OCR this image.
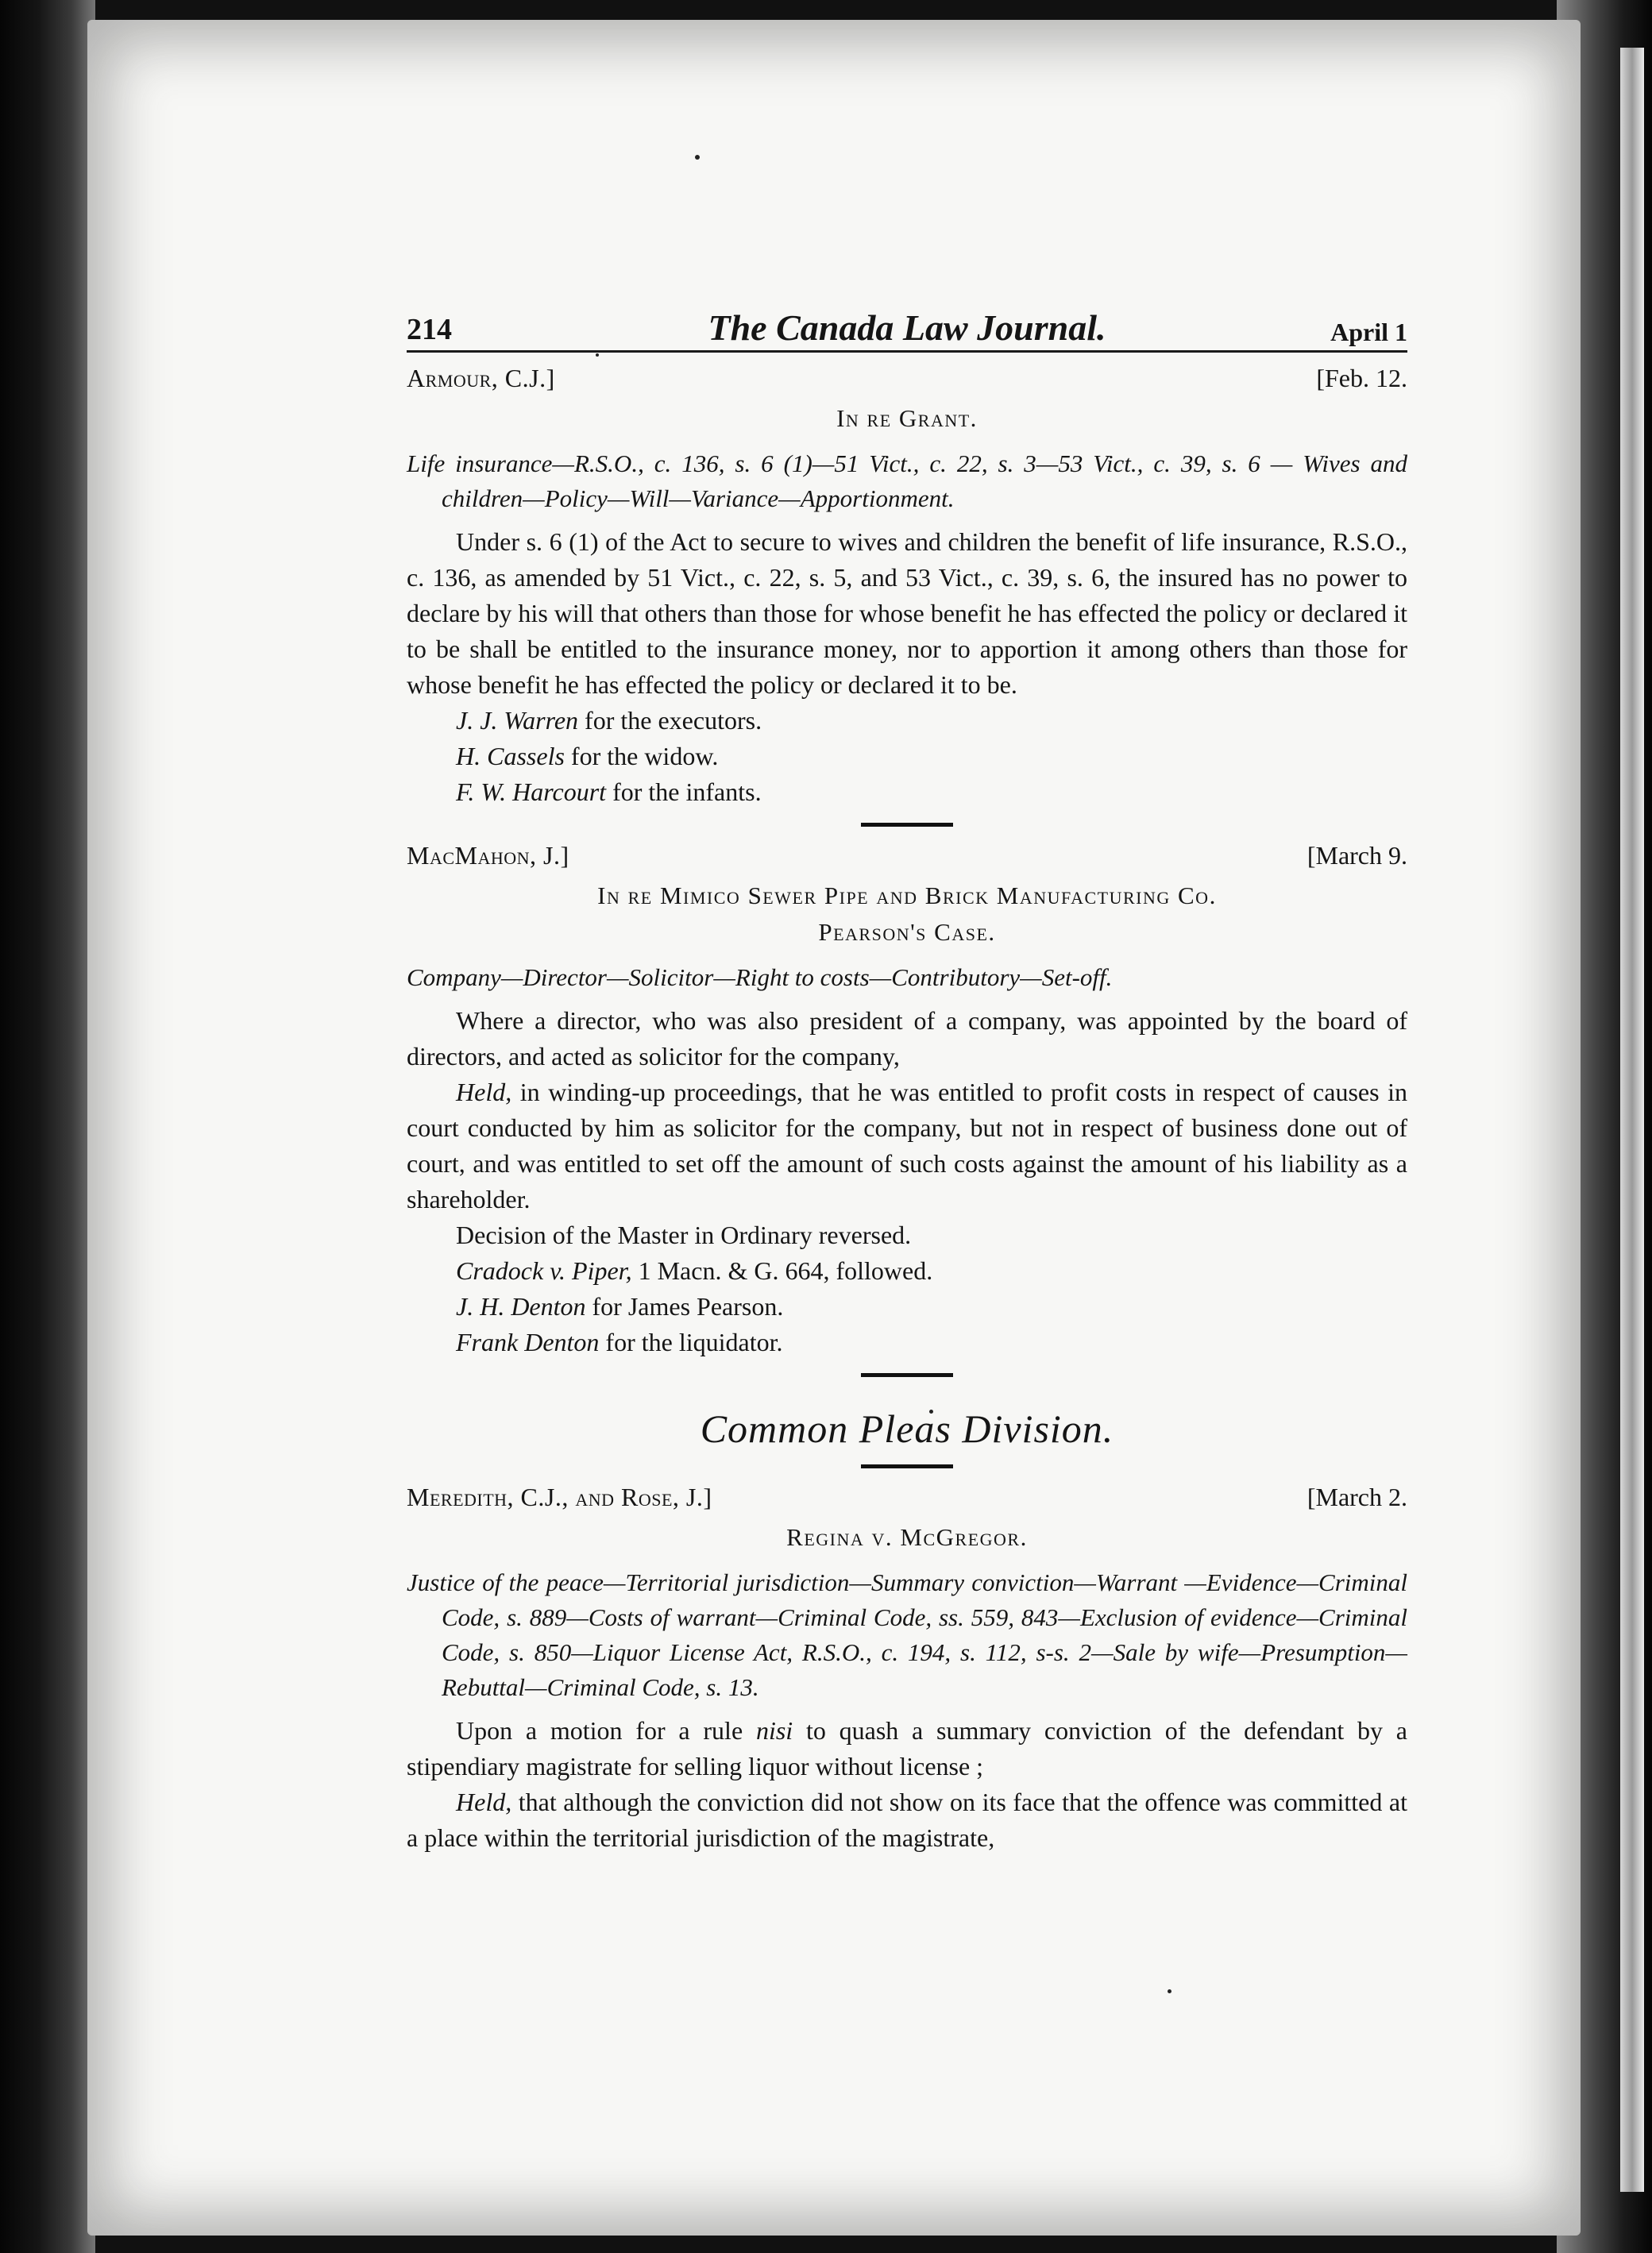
214	The Canada Law Journal.	April 1
Armour, C.J.]	[Feb. 12.
In re Grant.
Life insurance—R.S.O., c. 136, s. 6 (1)—51 Vict., c. 22, s. 3—53 Vict., c. 39, s. 6 — Wives and children—Policy—Will—Variance—Apportionment.

Under s. 6 (1) of the Act to secure to wives and children the benefit of life insurance, R.S.O., c. 136, as amended by 51 Vict., c. 22, s. 5, and 53 Vict., c. 39, s. 6, the insured has no power to declare by his will that others than those for whose benefit he has effected the policy or declared it to be shall be entitled to the insurance money, nor to apportion it among others than those for whose benefit he has effected the policy or declared it to be.

J. J. Warren for the executors.
H. Cassels for the widow.
F. W. Harcourt for the infants.
MacMahon, J.]	[March 9.
In re Mimico Sewer Pipe and Brick Manufacturing Co.
Pearson's Case.
Company—Director—Solicitor—Right to costs—Contributory—Set-off.

Where a director, who was also president of a company, was appointed by the board of directors, and acted as solicitor for the company,

Held, in winding-up proceedings, that he was entitled to profit costs in respect of causes in court conducted by him as solicitor for the company, but not in respect of business done out of court, and was entitled to set off the amount of such costs against the amount of his liability as a shareholder.

Decision of the Master in Ordinary reversed.
Cradock v. Piper, 1 Macn. & G. 664, followed.
J. H. Denton for James Pearson.
Frank Denton for the liquidator.
Common Pleas Division.
Meredith, C.J., and Rose, J.]	[March 2.
Regina v. McGregor.
Justice of the peace—Territorial jurisdiction—Summary conviction—Warrant —Evidence—Criminal Code, s. 889—Costs of warrant—Criminal Code, ss. 559, 843—Exclusion of evidence—Criminal Code, s. 850—Liquor License Act, R.S.O., c. 194, s. 112, s-s. 2—Sale by wife—Presumption—Rebuttal—Criminal Code, s. 13.

Upon a motion for a rule nisi to quash a summary conviction of the defendant by a stipendiary magistrate for selling liquor without license ;

Held, that although the conviction did not show on its face that the offence was committed at a place within the territorial jurisdiction of the magistrate,
